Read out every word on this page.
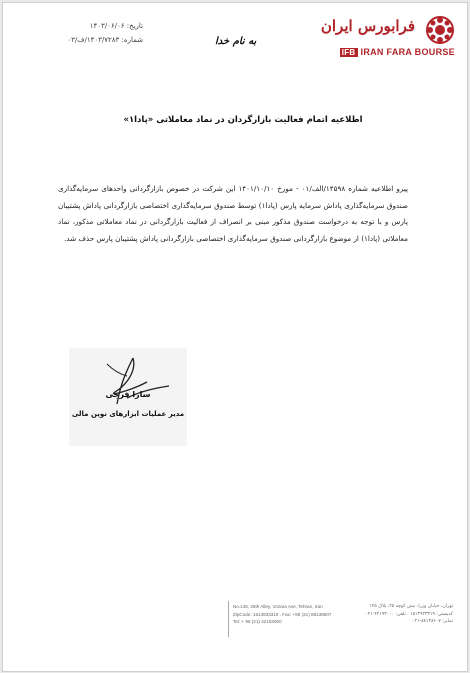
تاریخ: ۱۴۰۳/۰۶/۰۶
شماره: ۱۴۰۳/۷۲۸۳/ف/۰۳	به نام خدا
فرابورس ایران
IFB IRAN FARA BOURSE
اطلاعیه اتمام فعالیت بازارگردان در نماد معاملاتی «پادا۱»
پیرو اطلاعیه شماره ۱۴۵۹۸/الف/۰۱ - مورخ ۱۴۰۱/۱۰/۱۰ این شرکت در خصوص بازارگردانی واحدهای سرمایه‌گذاری صندوق سرمایه‌گذاری پاداش سرمایه پارس (پادا۱) توسط صندوق سرمایه‌گذاری اختصاصی بازارگردانی پاداش پشتیبان پارس و با توجه به درخواست صندوق مذکور مبنی بر انصراف از فعالیت بازارگردانی در نماد معاملاتی مذکور، نماد معاملاتی (پادا۱) از موضوع بازارگردانی صندوق سرمایه‌گذاری اختصاصی بازارگردانی پاداش پشتیبان پارس حذف شد.
سارا فرجی
مدیر عملیات ابزارهای نوین مالی
No.145, 25th Alley, Vozara Ave, Tehran, Iran
ZipCode: 1513933319 . Fax: +98 (21) 88138607
Tel: + 98 (21) 42193000
تهران، خیابان وزرا، نبش کوچه ۲۵، پلاک ۱۴۵
کدپستی: ۱۵۱۳۹۳۳۳۱۹ . تلفن: ۴۲۱۹۳۰۰۰-۰۲۱
نمابر: ۸۸۱۳۸۶۰۷-۰۲۱
